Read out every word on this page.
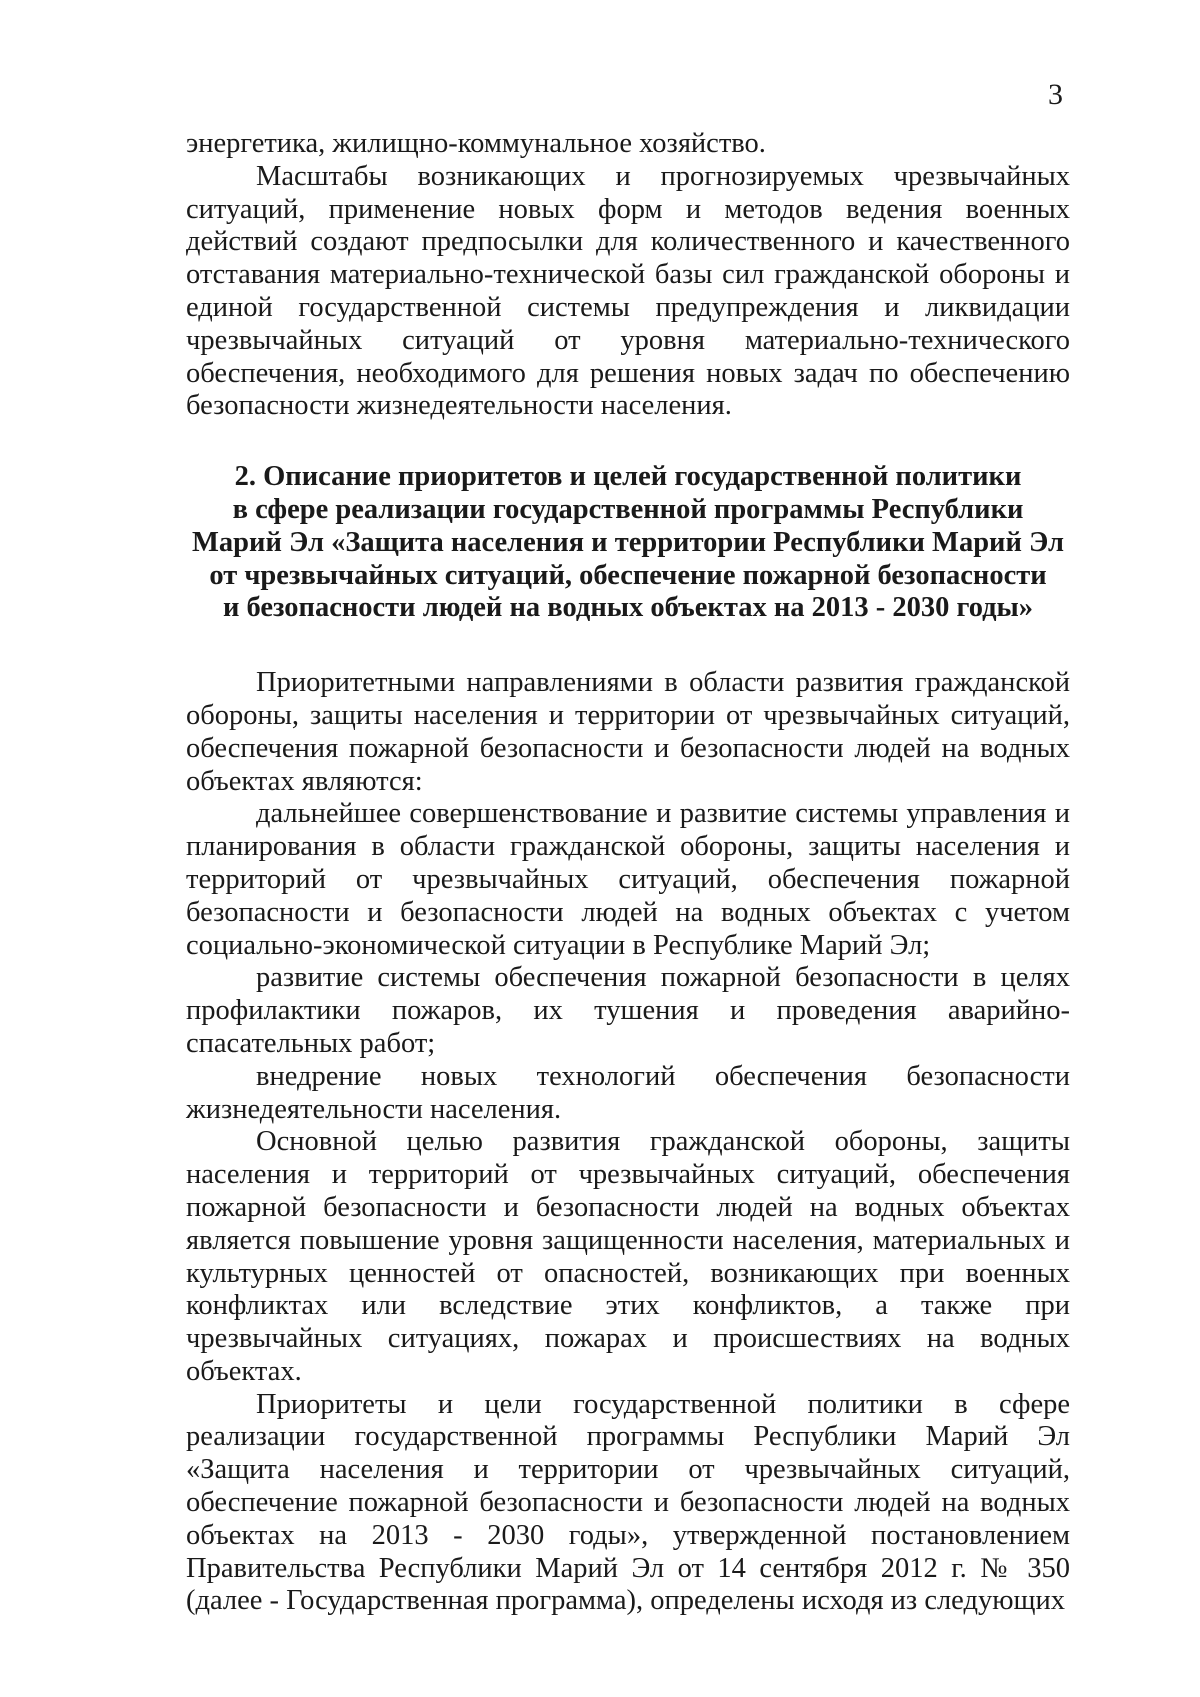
3

энергетика, жилищно-коммунальное хозяйство.

Масштабы возникающих и прогнозируемых чрезвычайных ситуаций, применение новых форм и методов ведения военных действий создают предпосылки для количественного и качественного отставания материально-технической базы сил гражданской обороны и единой государственной системы предупреждения и ликвидации чрезвычайных ситуаций от уровня материально-технического обеспечения, необходимого для решения новых задач по обеспечению безопасности жизнедеятельности населения.

2. Описание приоритетов и целей государственной политики
в сфере реализации государственной программы Республики
Марий Эл «Защита населения и территории Республики Марий Эл
от чрезвычайных ситуаций, обеспечение пожарной безопасности
и безопасности людей на водных объектах на 2013 - 2030 годы»

Приоритетными направлениями в области развития гражданской обороны, защиты населения и территории от чрезвычайных ситуаций, обеспечения пожарной безопасности и безопасности людей на водных объектах являются:

дальнейшее совершенствование и развитие системы управления и планирования в области гражданской обороны, защиты населения и территорий от чрезвычайных ситуаций, обеспечения пожарной безопасности и безопасности людей на водных объектах с учетом социально-экономической ситуации в Республике Марий Эл;

развитие системы обеспечения пожарной безопасности в целях профилактики пожаров, их тушения и проведения аварийно-спасательных работ;

внедрение новых технологий обеспечения безопасности жизнедеятельности населения.

Основной целью развития гражданской обороны, защиты населения и территорий от чрезвычайных ситуаций, обеспечения пожарной безопасности и безопасности людей на водных объектах является повышение уровня защищенности населения, материальных и культурных ценностей от опасностей, возникающих при военных конфликтах или вследствие этих конфликтов, а также при чрезвычайных ситуациях, пожарах и происшествиях на водных объектах.

Приоритеты и цели государственной политики в сфере реализации государственной программы Республики Марий Эл «Защита населения и территории от чрезвычайных ситуаций, обеспечение пожарной безопасности и безопасности людей на водных объектах на 2013 - 2030 годы», утвержденной постановлением Правительства Республики Марий Эл от 14 сентября 2012 г. № 350 (далее - Государственная программа), определены исходя из следующих
